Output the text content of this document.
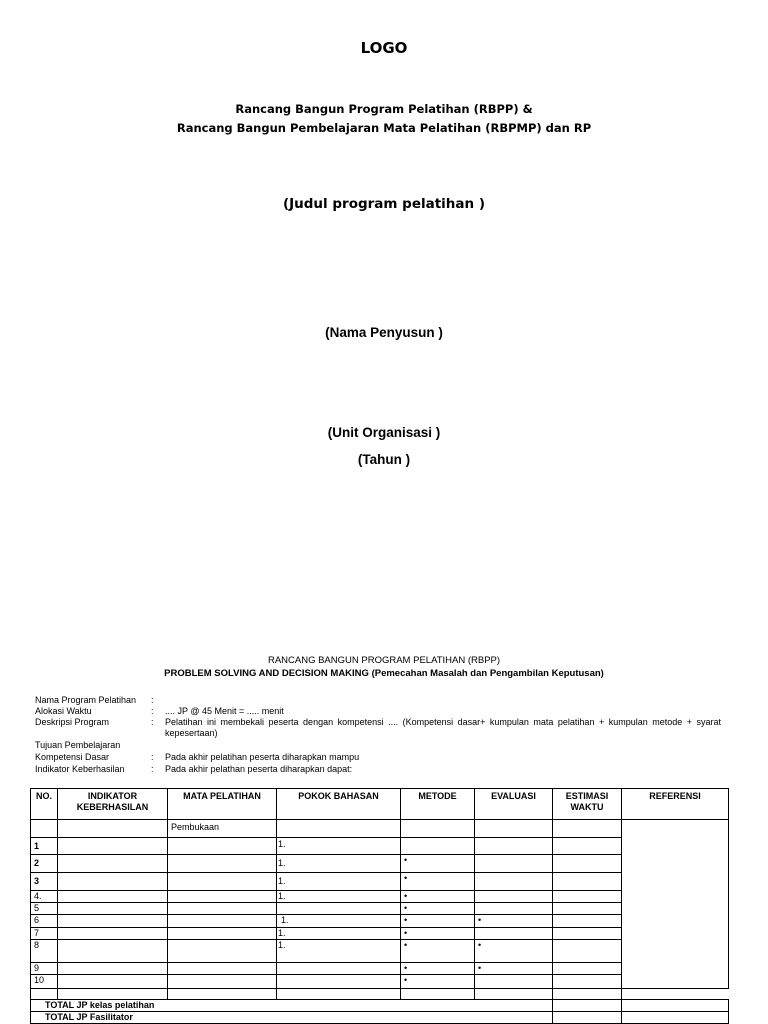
LOGO
Rancang Bangun Program Pelatihan (RBPP) &
Rancang Bangun Pembelajaran Mata Pelatihan (RBPMP) dan RP
(Judul program pelatihan )
(Nama Penyusun )
(Unit Organisasi )
(Tahun )
RANCANG BANGUN PROGRAM PELATIHAN (RBPP)
PROBLEM SOLVING AND DECISION MAKING (Pemecahan Masalah dan Pengambilan Keputusan)
Nama Program Pelatihan :
Alokasi Waktu	: .... JP @ 45 Menit = ..... menit
Deskripsi Program	: Pelatihan ini membekali peserta dengan kompetensi .... (Kompetensi dasar+ kumpulan mata pelatihan + kumpulan metode + syarat kepesertaan)
Tujuan Pembelajaran
Kompetensi Dasar	: Pada akhir pelatihan peserta diharapkan mampu
Indikator Keberhasilan	: Pada akhir pelathan peserta diharapkan dapat:
NO.	INDIKATOR KEBERHASILAN	MATA PELATIHAN	POKOK BAHASAN	METODE	EVALUASI	ESTIMASI WAKTU	REFERENSI
		Pembukaan					
1			1.				
2			1.	•			
3			1.	•			
4.			1.	•			
5				•			
6			1.	•	•		
7			1.	•			
8			1.	•	•		
9				•	•		
10				•			

TOTAL JP kelas pelatihan							
TOTAL JP Fasilitator							
